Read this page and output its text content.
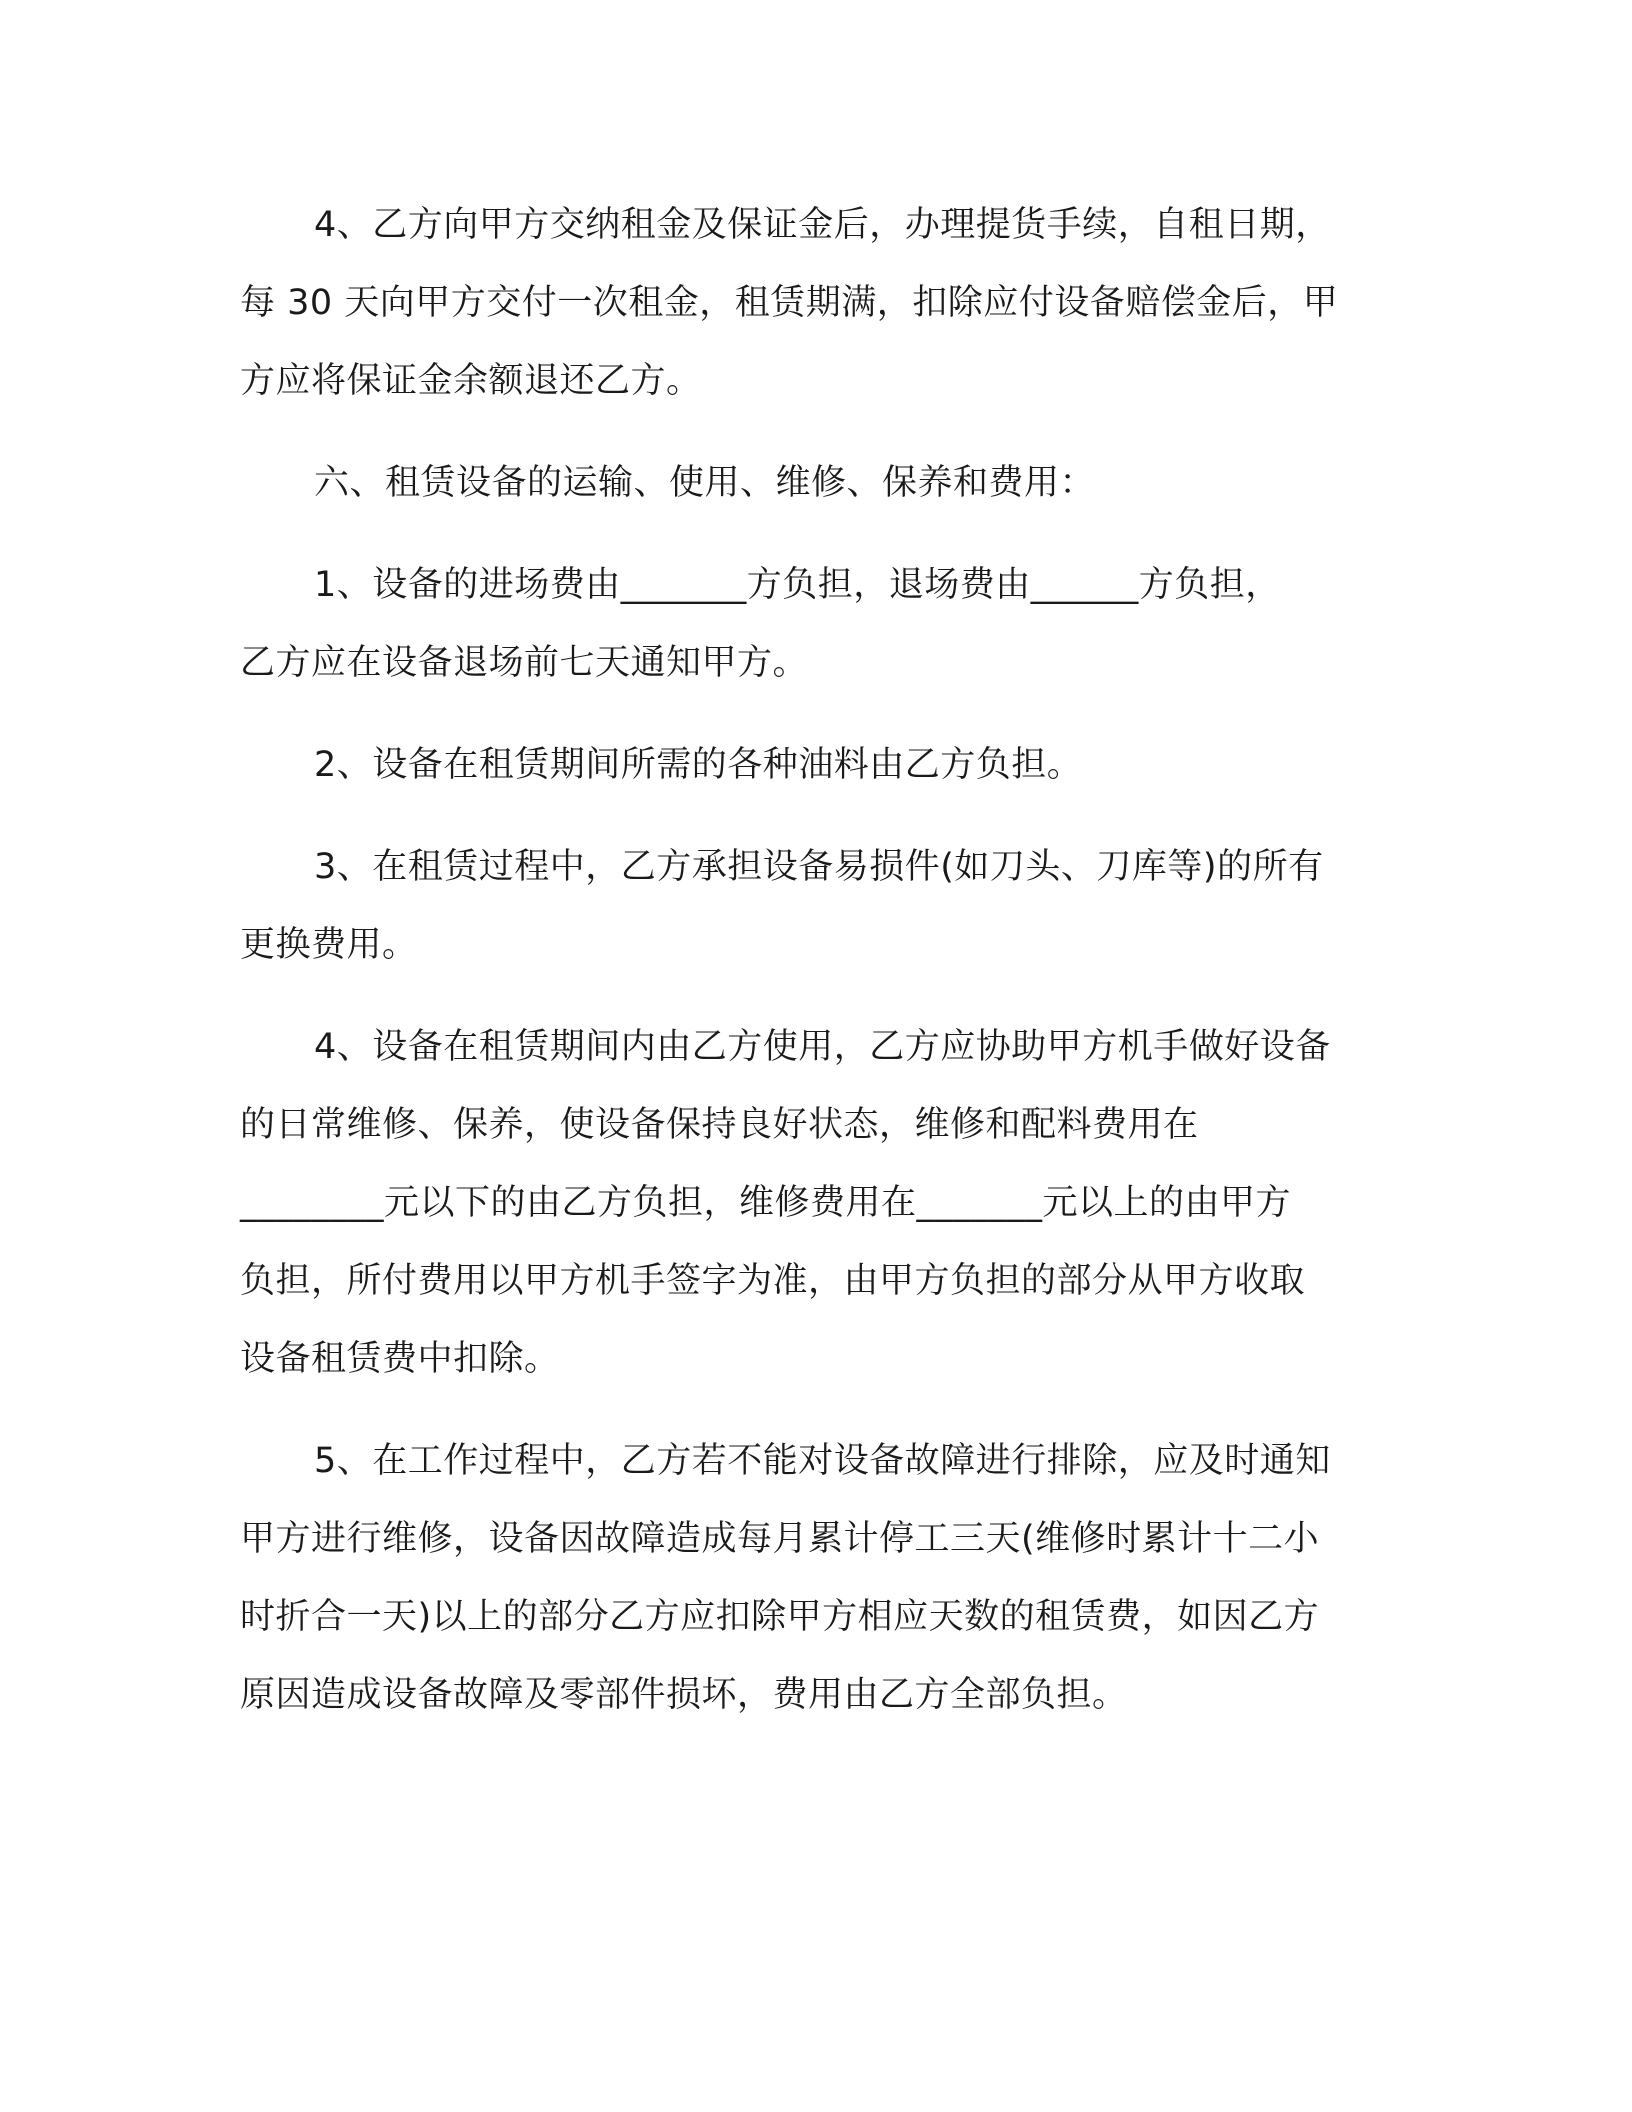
4、乙方向甲方交纳租金及保证金后，办理提货手续，自租日期，
每 30 天向甲方交付一次租金，租赁期满，扣除应付设备赔偿金后，甲
方应将保证金余额退还乙方。
六、租赁设备的运输、使用、维修、保养和费用：
1、设备的进场费由_______方负担，退场费由______方负担，
乙方应在设备退场前七天通知甲方。
2、设备在租赁期间所需的各种油料由乙方负担。
3、在租赁过程中，乙方承担设备易损件(如刀头、刀库等)的所有
更换费用。
4、设备在租赁期间内由乙方使用，乙方应协助甲方机手做好设备
的日常维修、保养，使设备保持良好状态，维修和配料费用在
________元以下的由乙方负担，维修费用在_______元以上的由甲方
负担，所付费用以甲方机手签字为准，由甲方负担的部分从甲方收取
设备租赁费中扣除。
5、在工作过程中，乙方若不能对设备故障进行排除，应及时通知
甲方进行维修，设备因故障造成每月累计停工三天(维修时累计十二小
时折合一天)以上的部分乙方应扣除甲方相应天数的租赁费，如因乙方
原因造成设备故障及零部件损坏，费用由乙方全部负担。
